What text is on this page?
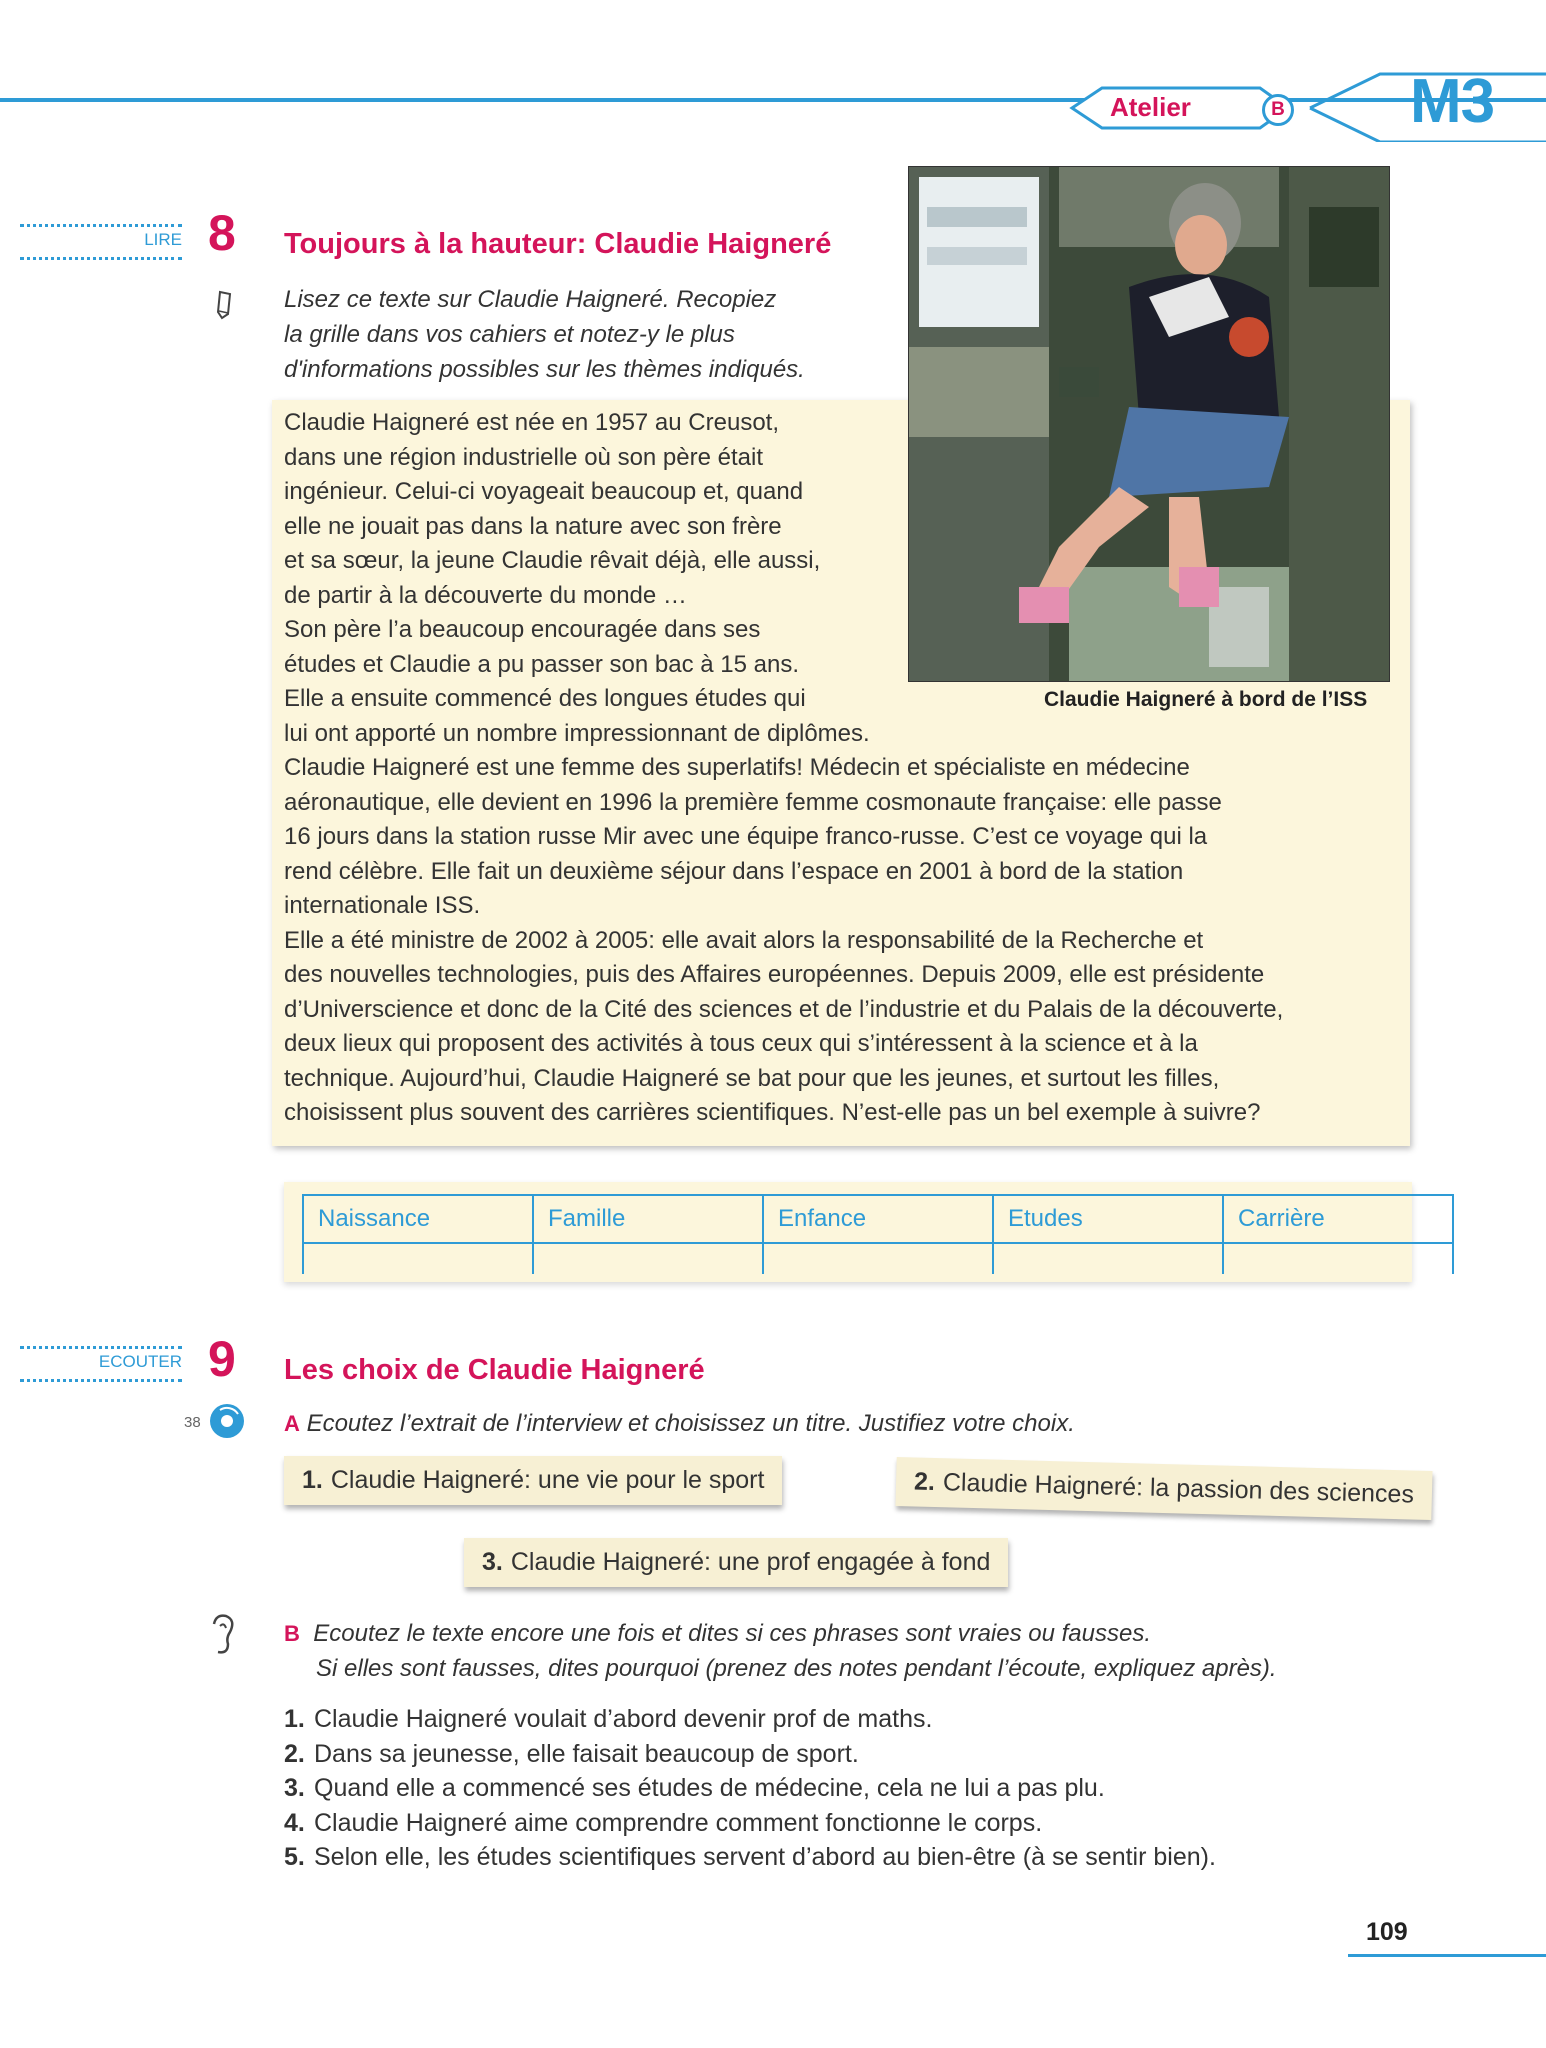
Atelier	B M3
LIRE 8 Toujours à la hauteur: Claudie Haigneré
Lisez ce texte sur Claudie Haigneré. Recopiez
la grille dans vos cahiers et notez-y le plus
d'informations possibles sur les thèmes indiqués.
Claudie Haigneré à bord de l’ISS
Claudie Haigneré est née en 1957 au Creusot,
dans une région industrielle où son père était
ingénieur. Celui-ci voyageait beaucoup et, quand
elle ne jouait pas dans la nature avec son frère
et sa sœur, la jeune Claudie rêvait déjà, elle aussi,
de partir à la découverte du monde …
Son père l’a beaucoup encouragée dans ses
études et Claudie a pu passer son bac à 15 ans.
Elle a ensuite commencé des longues études qui
lui ont apporté un nombre impressionnant de diplômes.
Claudie Haigneré est une femme des superlatifs! Médecin et spécialiste en médecine
aéronautique, elle devient en 1996 la première femme cosmonaute française: elle passe
16 jours dans la station russe Mir avec une équipe franco-russe. C’est ce voyage qui la
rend célèbre. Elle fait un deuxième séjour dans l’espace en 2001 à bord de la station
internationale ISS.
Elle a été ministre de 2002 à 2005: elle avait alors la responsabilité de la Recherche et
des nouvelles technologies, puis des Affaires européennes. Depuis 2009, elle est présidente
d’Universcience et donc de la Cité des sciences et de l’industrie et du Palais de la découverte,
deux lieux qui proposent des activités à tous ceux qui s’intéressent à la science et à la
technique. Aujourd’hui, Claudie Haigneré se bat pour que les jeunes, et surtout les filles,
choisissent plus souvent des carrières scientifiques. N’est-elle pas un bel exemple à suivre?
Naissance	Famille	Enfance	Etudes	Carrière

ECOUTER 9 Les choix de Claudie Haigneré
38	A Ecoutez l’extrait de l’interview et choisissez un titre. Justifiez votre choix.
1. Claudie Haigneré: une vie pour le sport	2. Claudie Haigneré: la passion des sciences
3. Claudie Haigneré: une prof engagée à fond
B Ecoutez le texte encore une fois et dites si ces phrases sont vraies ou fausses.
Si elles sont fausses, dites pourquoi (prenez des notes pendant l’écoute, expliquez après).
1. Claudie Haigneré voulait d’abord devenir prof de maths.
2. Dans sa jeunesse, elle faisait beaucoup de sport.
3. Quand elle a commencé ses études de médecine, cela ne lui a pas plu.
4. Claudie Haigneré aime comprendre comment fonctionne le corps.
5. Selon elle, les études scientifiques servent d’abord au bien-être (à se sentir bien).
109
